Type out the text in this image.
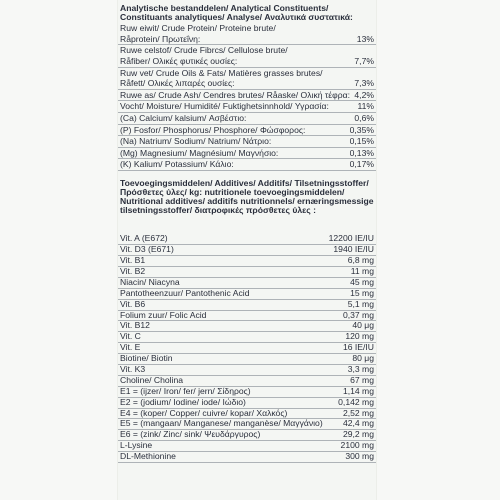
Analytische bestanddelen/ Analytical Constituents/
Constituants analytiques/ Analyse/ Αναλυτικά συστατικά:
Ruw eiwit/ Crude Protein/ Proteine brute/
Råprotein/ Πρωτεΐνη:	13%
Ruwe celstof/ Crude Fibrcs/ Cellulose brute/
Råfiber/ Ολικές φυτικές ουσίες:	7,7%
Ruw vet/ Crude Oils & Fats/ Matières grasses brutes/
Råfett/ Ολικές λιπαρές ουσίες:	7,3%
Ruwe as/ Crude Ash/ Cendres brutes/ Råaske/ Ολική τέφρα: 4,2%
Vocht/ Moisture/ Humidité/ Fuktighetsinnhold/ Υγρασία:	11%
(Ca) Calcium/ kalsium/ Ασβέστιο:	0,6%
(P) Fosfor/ Phosphorus/ Phosphore/ Φώσφορος:	0,35%
(Na) Natrium/ Sodium/ Natrium/ Νάτριο:	0,15%
(Mg) Magnesium/ Magnésium/ Μαγνήσιο:	0,13%
(K) Kalium/ Potassium/ Κάλιο:	0,17%
Toevoegingsmiddelen/ Additives/ Additifs/ Tilsetningsstoffer/
Πρόσθετες ύλες/ kg: nutritionele toevoegingsmiddelen/
Nutritional additives/ additifs nutritionnels/ ernæringsmessige
tilsetningsstoffer/ διατροφικές πρόσθετες ύλες :
Vit. A (E672)	12200 IE/IU
Vit. D3 (E671)	1940 IE/IU
Vit. B1	6,8 mg
Vit. B2	11 mg
Niacin/ Niacyna	45 mg
Pantotheenzuur/ Pantothenic Acid	15 mg
Vit. B6	5,1 mg
Folium zuur/ Folic Acid	0,37 mg
Vit. B12	40 μg
Vit. C	120 mg
Vit. E	16 IE/IU
Biotine/ Biotin	80 μg
Vit. K3	3,3 mg
Choline/ Cholina	67 mg
E1 = (ijzer/ Iron/ fer/ jern/ Σίδηρος)	1,14 mg
E2 = (jodium/ Iodine/ iode/ Ιώδιο)	0,142 mg
E4 = (koper/ Copper/ cuivre/ kopar/ Χαλκός)	2,52 mg
E5 = (mangaan/ Manganese/ manganèse/ Μαγγάνιο)	42,4 mg
E6 = (zink/ Zinc/ sink/ Ψευδάργυρος)	29,2 mg
L-Lysine	2100 mg
DL-Methionine	300 mg
